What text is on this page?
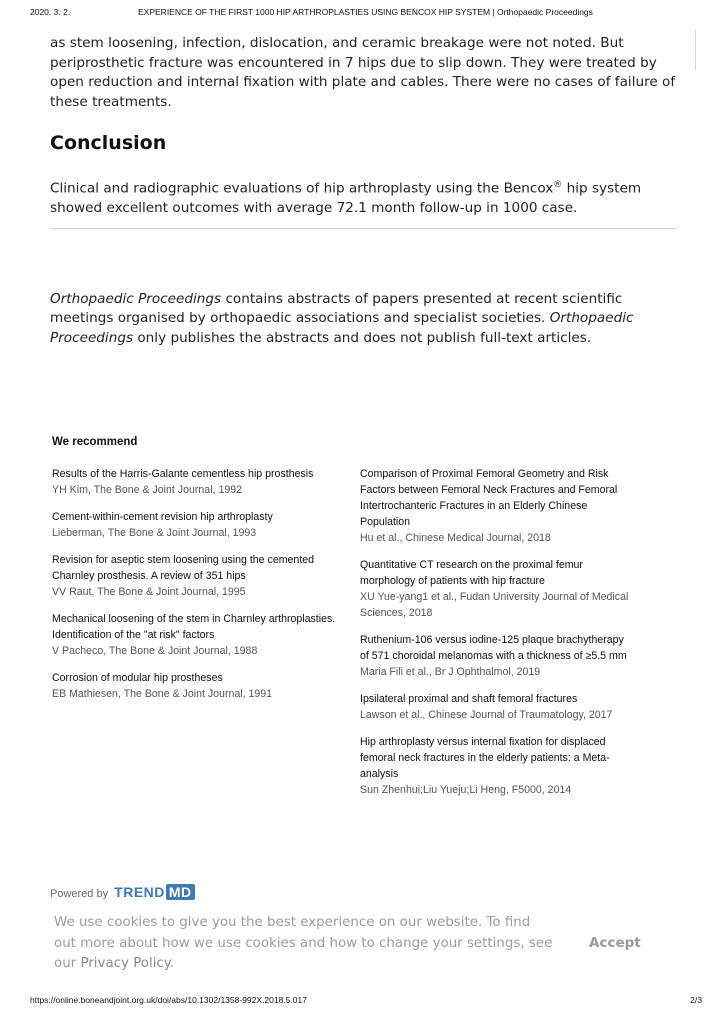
2020. 3. 2.	EXPERIENCE OF THE FIRST 1000 HIP ARTHROPLASTIES USING BENCOX HIP SYSTEM | Orthopaedic Proceedings

as stem loosening, infection, dislocation, and ceramic breakage were not noted. But periprosthetic fracture was encountered in 7 hips due to slip down. They were treated by open reduction and internal fixation with plate and cables. There were no cases of failure of these treatments.

Conclusion

Clinical and radiographic evaluations of hip arthroplasty using the Bencox® hip system showed excellent outcomes with average 72.1 month follow-up in 1000 case.

Orthopaedic Proceedings contains abstracts of papers presented at recent scientific meetings organised by orthopaedic associations and specialist societies. Orthopaedic Proceedings only publishes the abstracts and does not publish full-text articles.

We recommend
Results of the Harris-Galante cementless hip prosthesis
YH Kim, The Bone & Joint Journal, 1992
Cement-within-cement revision hip arthroplasty
Lieberman, The Bone & Joint Journal, 1993
Revision for aseptic stem loosening using the cemented Charnley prosthesis. A review of 351 hips
VV Raut, The Bone & Joint Journal, 1995
Mechanical loosening of the stem in Charnley arthroplasties. Identification of the "at risk" factors
V Pacheco, The Bone & Joint Journal, 1988
Corrosion of modular hip prostheses
EB Mathiesen, The Bone & Joint Journal, 1991
Comparison of Proximal Femoral Geometry and Risk Factors between Femoral Neck Fractures and Femoral Intertrochanteric Fractures in an Elderly Chinese Population
Hu et al., Chinese Medical Journal, 2018
Quantitative CT research on the proximal femur morphology of patients with hip fracture
XU Yue-yang1 et al., Fudan University Journal of Medical Sciences, 2018
Ruthenium-106 versus iodine-125 plaque brachytherapy of 571 choroidal melanomas with a thickness of ≥5.5 mm
Maria Fili et al., Br J Ophthalmol, 2019
Ipsilateral proximal and shaft femoral fractures
Lawson et al., Chinese Journal of Traumatology, 2017
Hip arthroplasty versus internal fixation for displaced femoral neck fractures in the elderly patients: a Meta-analysis
Sun Zhenhui;Liu Yueju;Li Heng, F5000, 2014
Powered by TREND MD
We use cookies to give you the best experience on our website. To find out more about how we use cookies and how to change your settings, see our Privacy Policy.
Accept
https://online.boneandjoint.org.uk/doi/abs/10.1302/1358-992X.2018.5.017	2/3
